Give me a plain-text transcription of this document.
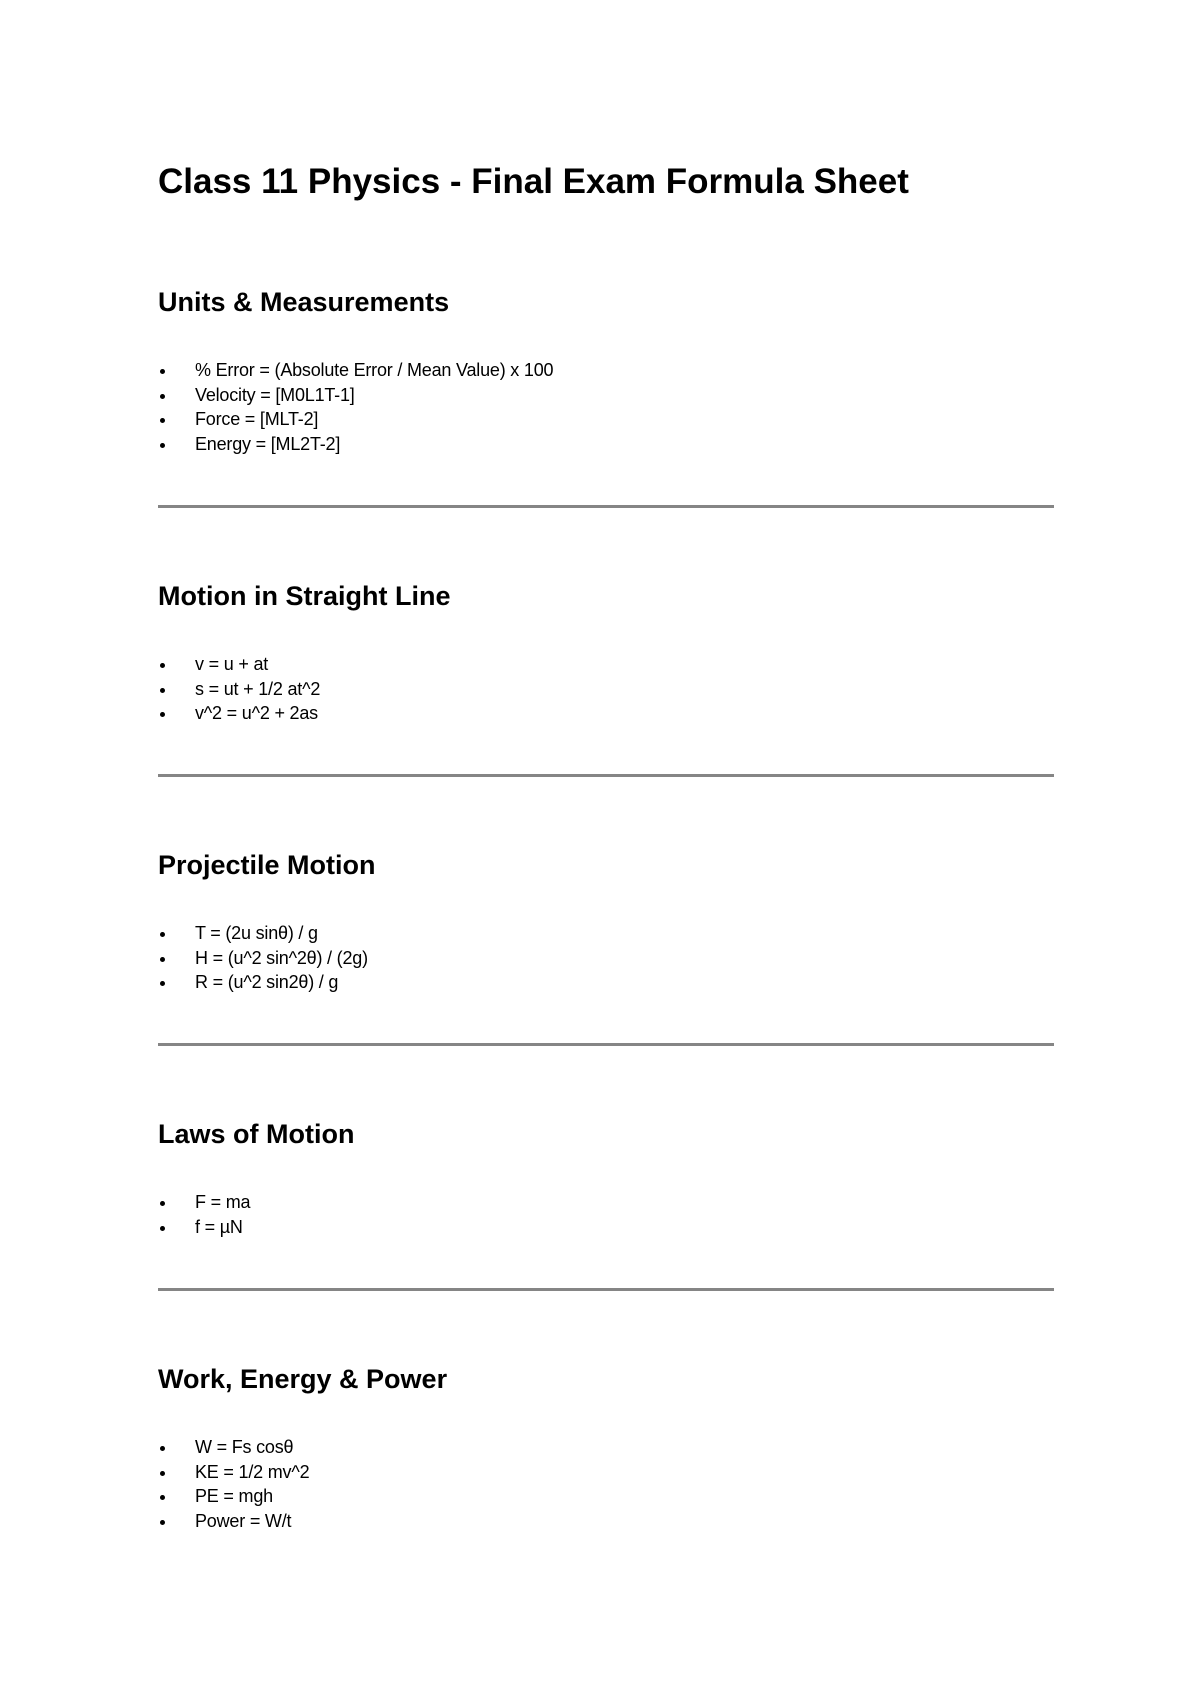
Class 11 Physics - Final Exam Formula Sheet
Units & Measurements
% Error = (Absolute Error / Mean Value) x 100
Velocity = [M0L1T-1]
Force = [MLT-2]
Energy = [ML2T-2]
Motion in Straight Line
v = u + at
s = ut + 1/2 at^2
v^2 = u^2 + 2as
Projectile Motion
T = (2u sinθ) / g
H = (u^2 sin^2θ) / (2g)
R = (u^2 sin2θ) / g
Laws of Motion
F = ma
f = µN
Work, Energy & Power
W = Fs cosθ
KE = 1/2 mv^2
PE = mgh
Power = W/t
